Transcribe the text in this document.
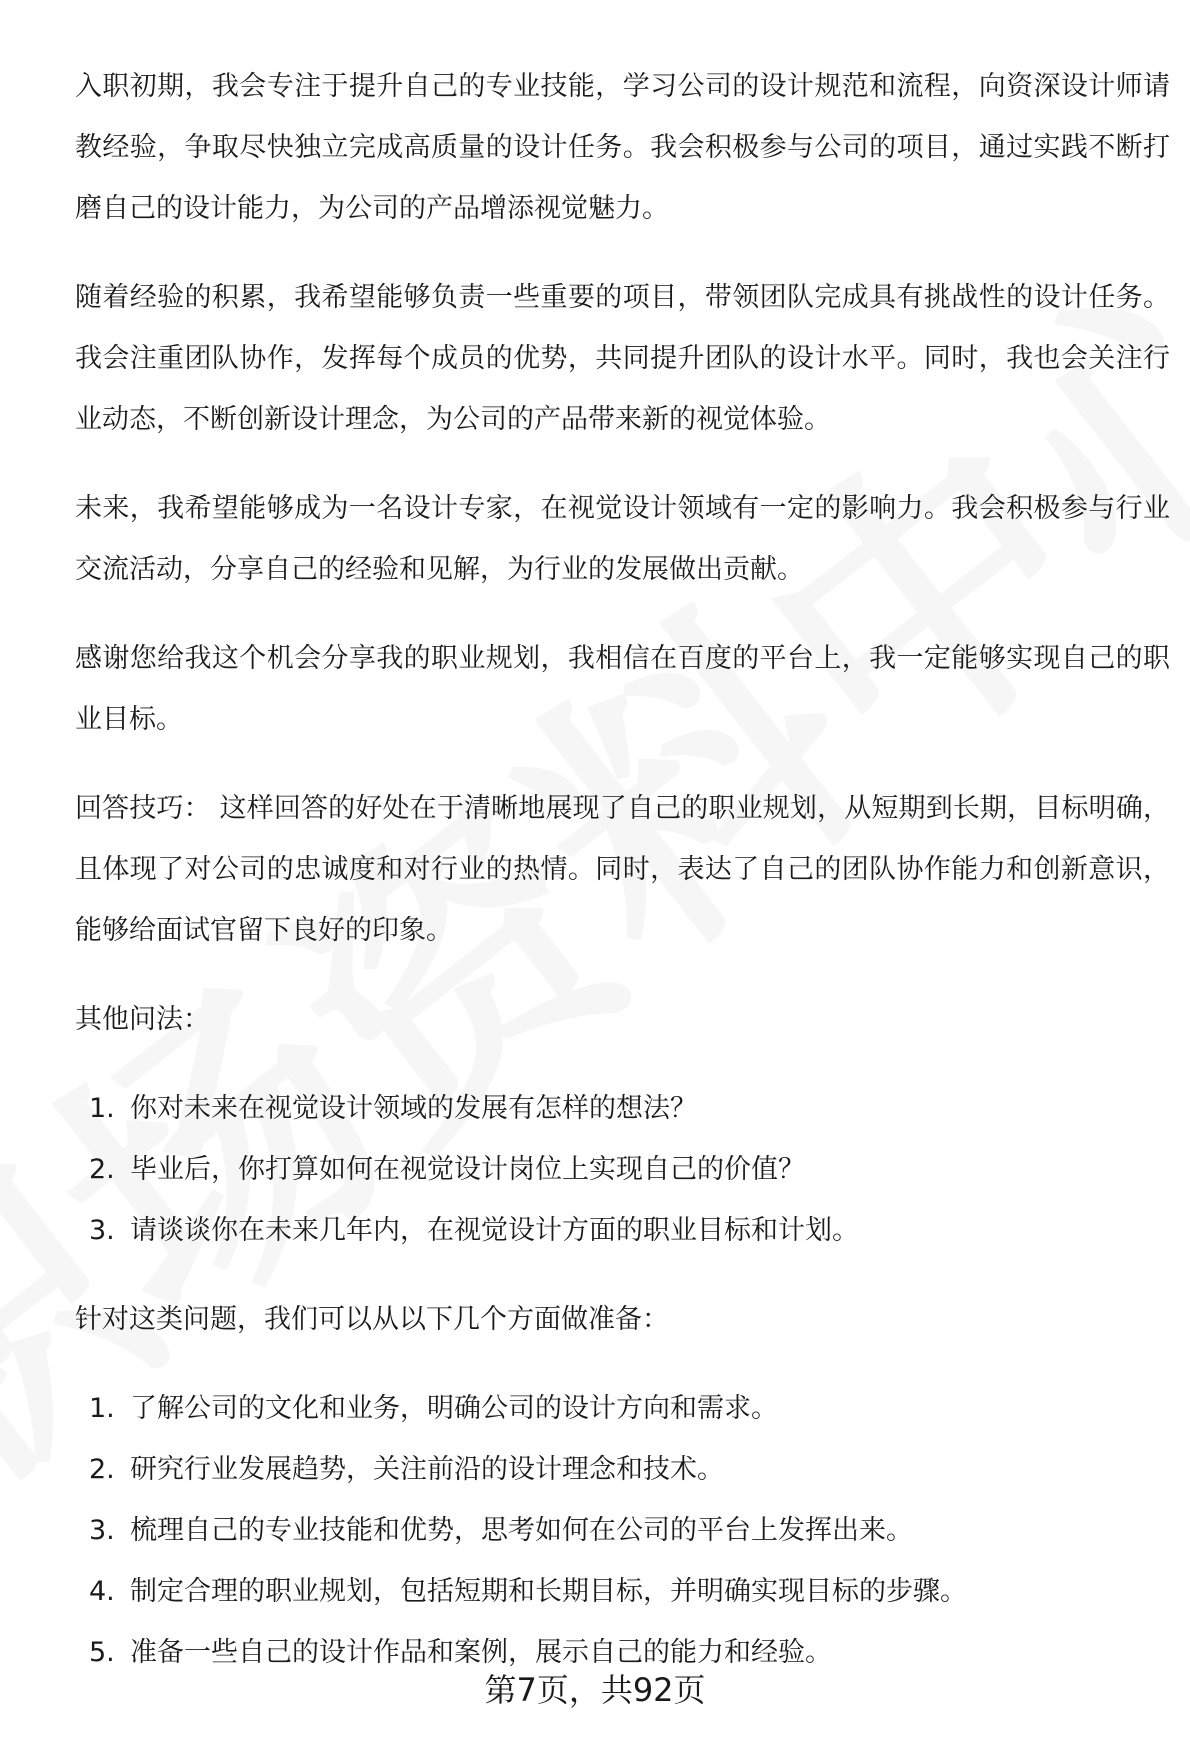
入职初期，我会专注于提升自己的专业技能，学习公司的设计规范和流程，向资深设计师请教经验，争取尽快独立完成高质量的设计任务。我会积极参与公司的项目，通过实践不断打磨自己的设计能力，为公司的产品增添视觉魅力。

随着经验的积累，我希望能够负责一些重要的项目，带领团队完成具有挑战性的设计任务。我会注重团队协作，发挥每个成员的优势，共同提升团队的设计水平。同时，我也会关注行业动态，不断创新设计理念，为公司的产品带来新的视觉体验。

未来，我希望能够成为一名设计专家，在视觉设计领域有一定的影响力。我会积极参与行业交流活动，分享自己的经验和见解，为行业的发展做出贡献。

感谢您给我这个机会分享我的职业规划，我相信在百度的平台上，我一定能够实现自己的职业目标。

回答技巧： 这样回答的好处在于清晰地展现了自己的职业规划，从短期到长期，目标明确，且体现了对公司的忠诚度和对行业的热情。同时，表达了自己的团队协作能力和创新意识，能够给面试官留下良好的印象。

其他问法：

1. 你对未来在视觉设计领域的发展有怎样的想法？
2. 毕业后，你打算如何在视觉设计岗位上实现自己的价值？
3. 请谈谈你在未来几年内，在视觉设计方面的职业目标和计划。

针对这类问题，我们可以从以下几个方面做准备：

1. 了解公司的文化和业务，明确公司的设计方向和需求。
2. 研究行业发展趋势，关注前沿的设计理念和技术。
3. 梳理自己的专业技能和优势，思考如何在公司的平台上发挥出来。
4. 制定合理的职业规划，包括短期和长期目标，并明确实现目标的步骤。
5. 准备一些自己的设计作品和案例，展示自己的能力和经验。
第7页，共92页
